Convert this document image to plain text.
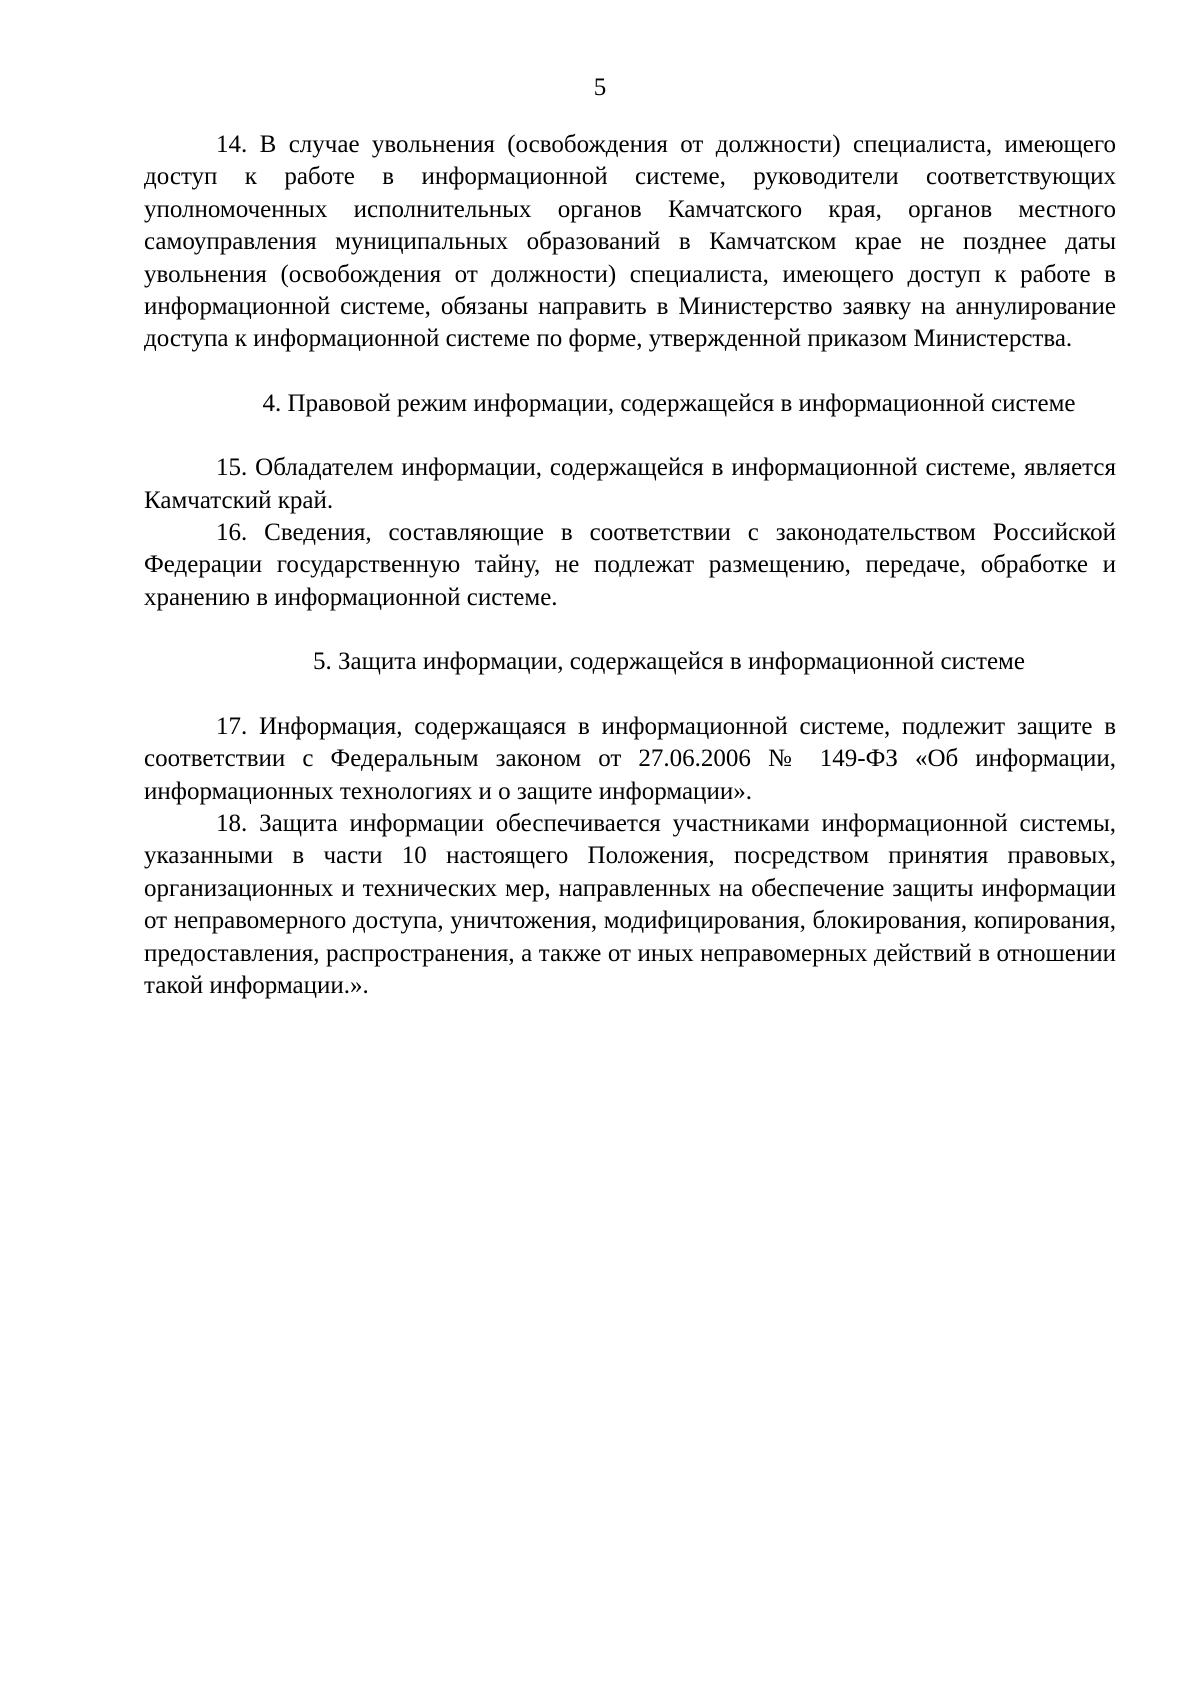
5

14. В случае увольнения (освобождения от должности) специалиста, имеющего доступ к работе в информационной системе, руководители соответствующих уполномоченных исполнительных органов Камчатского края, органов местного самоуправления муниципальных образований в Камчатском крае не позднее даты увольнения (освобождения от должности) специалиста, имеющего доступ к работе в информационной системе, обязаны направить в Министерство заявку на аннулирование доступа к информационной системе по форме, утвержденной приказом Министерства.

4. Правовой режим информации, содержащейся в информационной системе

15. Обладателем информации, содержащейся в информационной системе, является Камчатский край.

16. Сведения, составляющие в соответствии с законодательством Российской Федерации государственную тайну, не подлежат размещению, передаче, обработке и хранению в информационной системе.

5. Защита информации, содержащейся в информационной системе

17. Информация, содержащаяся в информационной системе, подлежит защите в соответствии с Федеральным законом от 27.06.2006 № 149-ФЗ «Об информации, информационных технологиях и о защите информации».

18. Защита информации обеспечивается участниками информационной системы, указанными в части 10 настоящего Положения, посредством принятия правовых, организационных и технических мер, направленных на обеспечение защиты информации от неправомерного доступа, уничтожения, модифицирования, блокирования, копирования, предоставления, распространения, а также от иных неправомерных действий в отношении такой информации.».
